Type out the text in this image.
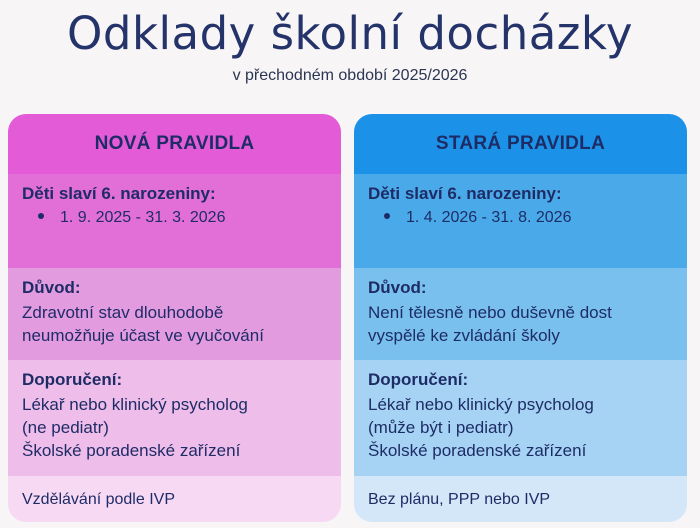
Odklady školní docházky
v přechodném období 2025/2026
NOVÁ PRAVIDLA
Děti slaví 6. narozeniny:
1. 9. 2025 - 31. 3. 2026
Důvod:
Zdravotní stav dlouhodobě
neumožňuje účast ve vyučování
Doporučení:
Lékař nebo klinický psycholog
(ne pediatr)
Školské poradenské zařízení
Vzdělávání podle IVP
STARÁ PRAVIDLA
Děti slaví 6. narozeniny:
1. 4. 2026 - 31. 8. 2026
Důvod:
Není tělesně nebo duševně dost
vyspělé ke zvládání školy
Doporučení:
Lékař nebo klinický psycholog
(může být i pediatr)
Školské poradenské zařízení
Bez plánu, PPP nebo IVP
